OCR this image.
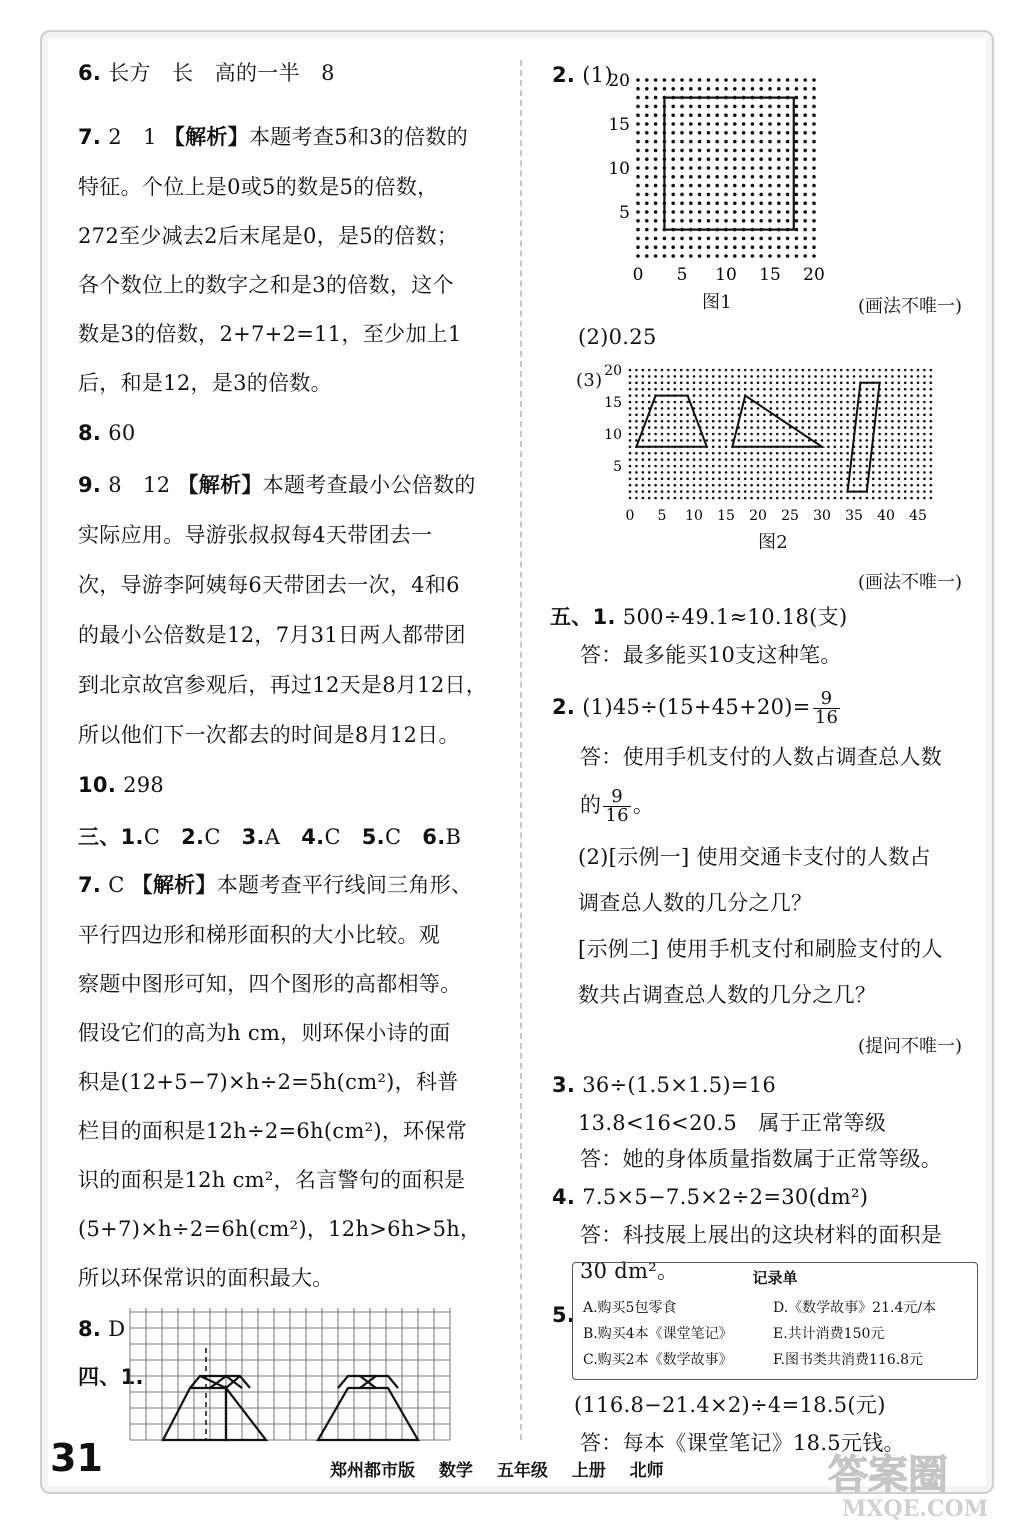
6. 长方　长　高的一半　8
7. 2　1 【解析】本题考查5和3的倍数的
特征。个位上是0或5的数是5的倍数，
272至少减去2后末尾是0，是5的倍数；
各个数位上的数字之和是3的倍数，这个
数是3的倍数，2+7+2=11，至少加上1
后，和是12，是3的倍数。
8. 60
9. 8　12 【解析】本题考查最小公倍数的
实际应用。导游张叔叔每4天带团去一
次，导游李阿姨每6天带团去一次，4和6
的最小公倍数是12，7月31日两人都带团
到北京故宫参观后，再过12天是8月12日，
所以他们下一次都去的时间是8月12日。
10. 298
三、1.C 2.C 3.A 4.C 5.C 6.B
7. C 【解析】本题考查平行线间三角形、
平行四边形和梯形面积的大小比较。观
察题中图形可知，四个图形的高都相等。
假设它们的高为h cm，则环保小诗的面
积是(12+5−7)×h÷2=5h(cm²)，科普
栏目的面积是12h÷2=6h(cm²)，环保常
识的面积是12h cm²，名言警句的面积是
(5+7)×h÷2=6h(cm²)，12h>6h>5h，
所以环保常识的面积最大。
8. D
四、1.
2. (1)
20
15
10
5
0 5 10 15 20
图1	(画法不唯一)
(2)0.25
(3) 20
15
10
5
0 5 10 15 20 25 30 35 40 45
图2
(画法不唯一)
五、1. 500÷49.1≈10.18(支)
答：最多能买10支这种笔。
2. $(1)45\div(15+45+20)= \frac{9}{16}$
答：使用手机支付的人数占调查总人数
的 $\frac{9}{16}$ 。
(2)[示例一] 使用交通卡支付的人数占
调查总人数的几分之几？
[示例二] 使用手机支付和刷脸支付的人
数共占调查总人数的几分之几？
(提问不唯一)
3. 36÷(1.5×1.5)=16
13.8<16<20.5　属于正常等级
答：她的身体质量指数属于正常等级。
4. 7.5×5−7.5×2÷2=30(dm²)
答：科技展上展出的这块材料的面积是
30 dm²。
5.
记录单
A.购买5包零食	D.《数学故事》21.4元/本
B.购买4本《课堂笔记》	E.共计消费150元
C.购买2本《数学故事》	F.图书类共消费116.8元
(116.8−21.4×2)÷4=18.5(元)
答：每本《课堂笔记》18.5元钱。
31	郑州都市版 数学 五年级 上册 北师	答案圈
MXQE.COM
